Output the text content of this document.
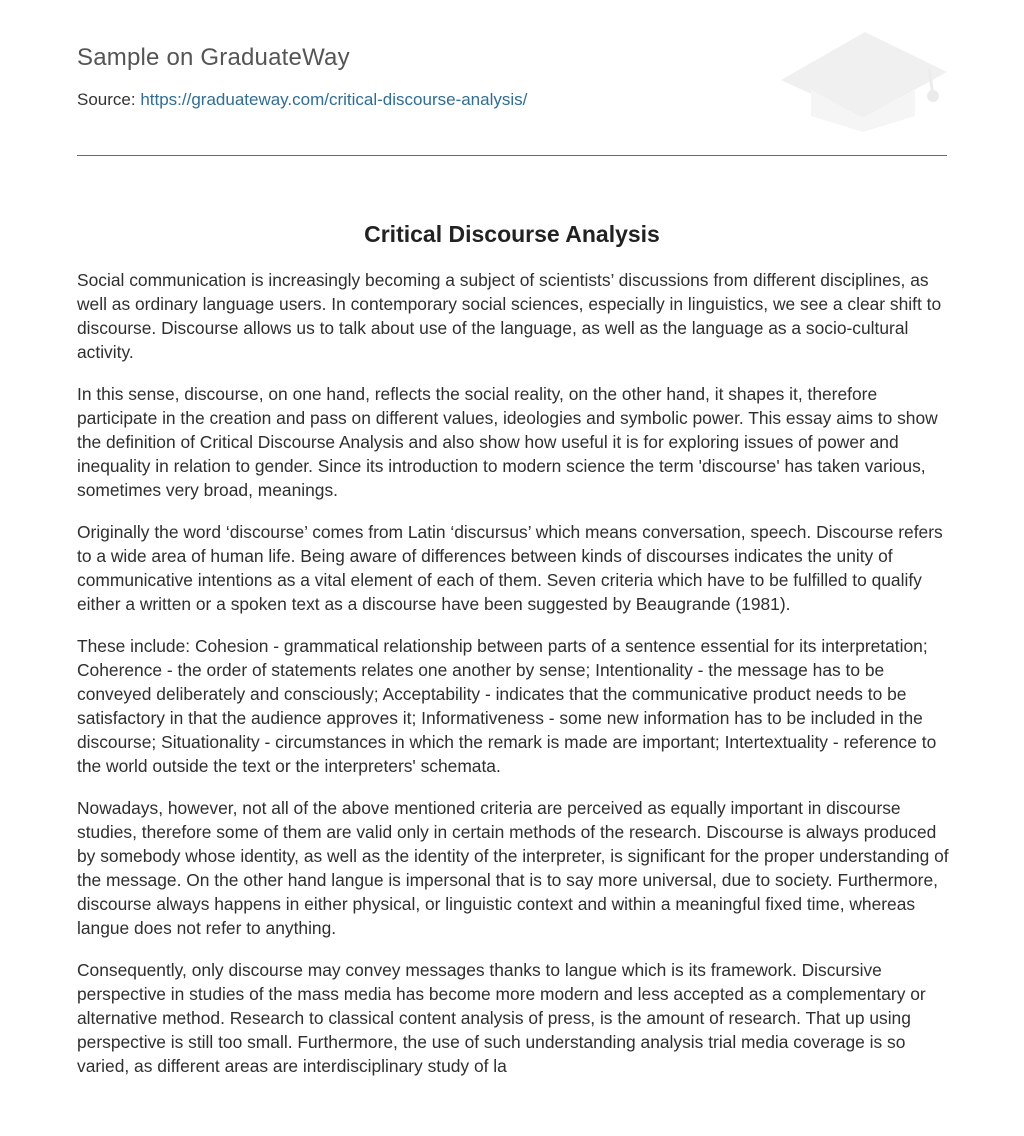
Sample on GraduateWay
Source: https://graduateway.com/critical-discourse-analysis/
Critical Discourse Analysis

Social communication is increasingly becoming a subject of scientists’ discussions from different disciplines, as well as ordinary language users. In contemporary social sciences, especially in linguistics, we see a clear shift to discourse. Discourse allows us to talk about use of the language, as well as the language as a socio-cultural activity.

In this sense, discourse, on one hand, reflects the social reality, on the other hand, it shapes it, therefore participate in the creation and pass on different values, ideologies and symbolic power. This essay aims to show the definition of Critical Discourse Analysis and also show how useful it is for exploring issues of power and inequality in relation to gender. Since its introduction to modern science the term 'discourse' has taken various, sometimes very broad, meanings.

Originally the word ‘discourse’ comes from Latin ‘discursus’ which means conversation, speech. Discourse refers to a wide area of human life. Being aware of differences between kinds of discourses indicates the unity of communicative intentions as a vital element of each of them. Seven criteria which have to be fulfilled to qualify either a written or a spoken text as a discourse have been suggested by Beaugrande (1981).

These include: Cohesion - grammatical relationship between parts of a sentence essential for its interpretation; Coherence - the order of statements relates one another by sense; Intentionality - the message has to be conveyed deliberately and consciously; Acceptability - indicates that the communicative product needs to be satisfactory in that the audience approves it; Informativeness - some new information has to be included in the discourse; Situationality - circumstances in which the remark is made are important; Intertextuality - reference to the world outside the text or the interpreters' schemata.

Nowadays, however, not all of the above mentioned criteria are perceived as equally important in discourse studies, therefore some of them are valid only in certain methods of the research. Discourse is always produced by somebody whose identity, as well as the identity of the interpreter, is significant for the proper understanding of the message. On the other hand langue is impersonal that is to say more universal, due to society. Furthermore, discourse always happens in either physical, or linguistic context and within a meaningful fixed time, whereas langue does not refer to anything.

Consequently, only discourse may convey messages thanks to langue which is its framework. Discursive perspective in studies of the mass media has become more modern and less accepted as a complementary or alternative method. Research to classical content analysis of press, is the amount of research. That up using perspective is still too small. Furthermore, the use of such understanding analysis trial media coverage is so varied, as different areas are interdisciplinary study of la
